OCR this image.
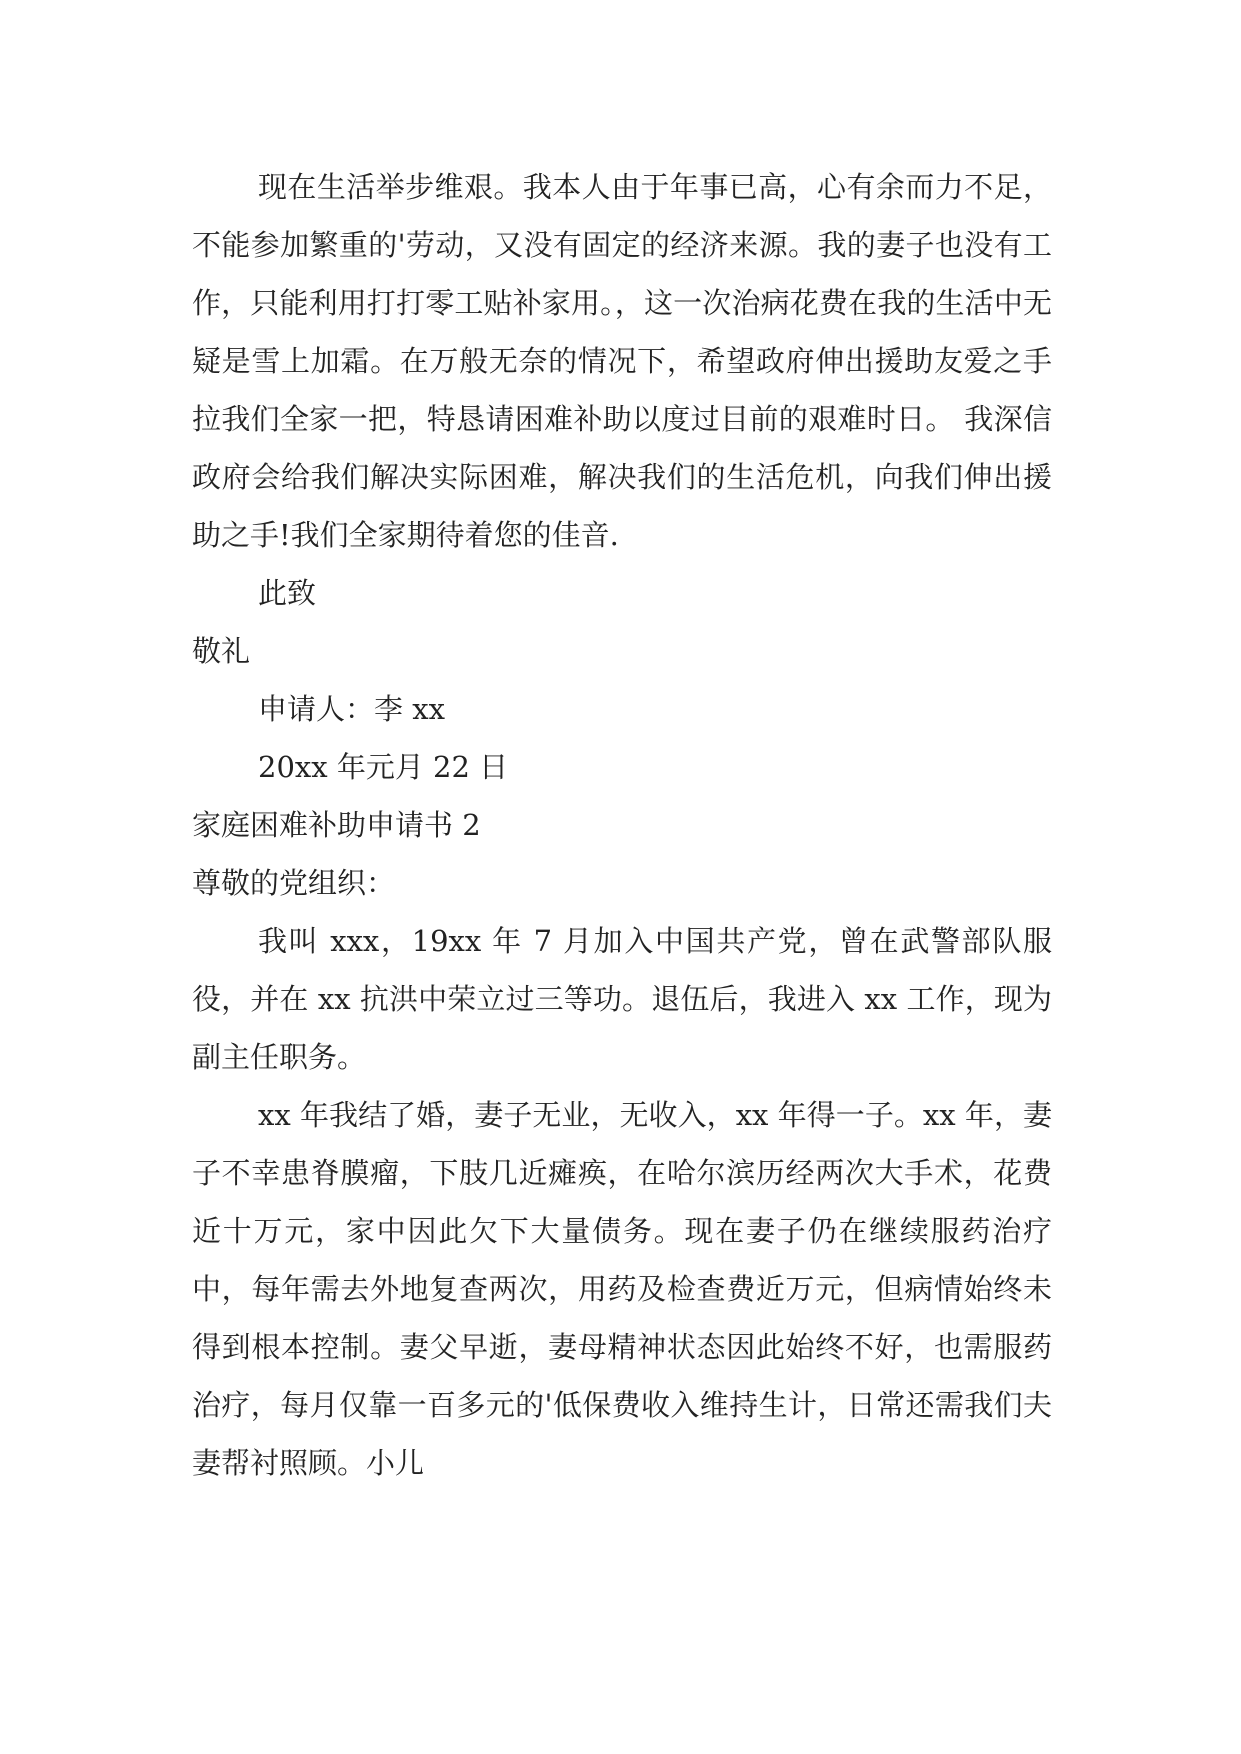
现在生活举步维艰。我本人由于年事已高，心有余而力不足，不能参加繁重的'劳动，又没有固定的经济来源。我的妻子也没有工作，只能利用打打零工贴补家用。，这一次治病花费在我的生活中无疑是雪上加霜。在万般无奈的情况下，希望政府伸出援助友爱之手拉我们全家一把，特恳请困难补助以度过目前的艰难时日。 我深信政府会给我们解决实际困难，解决我们的生活危机，向我们伸出援助之手!我们全家期待着您的佳音.

此致

敬礼

申请人：李 xx

20xx 年元月 22 日

家庭困难补助申请书 2

尊敬的党组织：

我叫 xxx，19xx 年 7 月加入中国共产党，曾在武警部队服役，并在 xx 抗洪中荣立过三等功。退伍后，我进入 xx 工作，现为副主任职务。

xx 年我结了婚，妻子无业，无收入，xx 年得一子。xx 年，妻子不幸患脊膜瘤，下肢几近瘫痪，在哈尔滨历经两次大手术，花费近十万元，家中因此欠下大量债务。现在妻子仍在继续服药治疗中，每年需去外地复查两次，用药及检查费近万元，但病情始终未得到根本控制。妻父早逝，妻母精神状态因此始终不好，也需服药治疗，每月仅靠一百多元的'低保费收入维持生计，日常还需我们夫妻帮衬照顾。小儿
